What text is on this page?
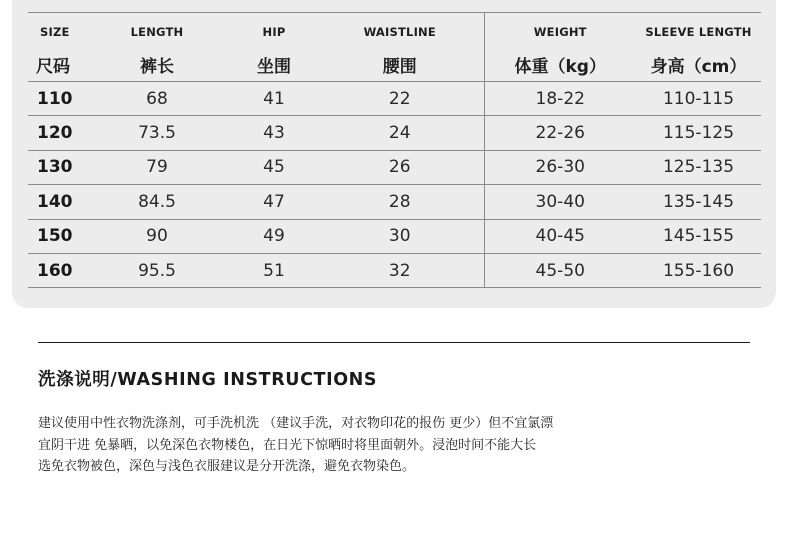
SIZE	LENGTH	HIP	WAISTLINE	WEIGHT	SLEEVE LENGTH
尺码	裤长	坐围	腰围	体重（kg）	身高（cm）
110	68	41	22	18-22	110-115
120	73.5	43	24	22-26	115-125
130	79	45	26	26-30	125-135
140	84.5	47	28	30-40	135-145
150	90	49	30	40-45	145-155
160	95.5	51	32	45-50	155-160
洗涤说明/WASHING INSTRUCTIONS
建议使用中性衣物洗涤剂，可手洗机洗 （建议手洗，对衣物印花的报伤 更少）但不宜氯漂
宜阴干进 免暴晒，以免深色衣物楼色，在日光下惊晒时将里面朝外。浸泡时间不能大长
选免衣物被色，深色与浅色衣服建议是分开洗涤，避免衣物染色。
